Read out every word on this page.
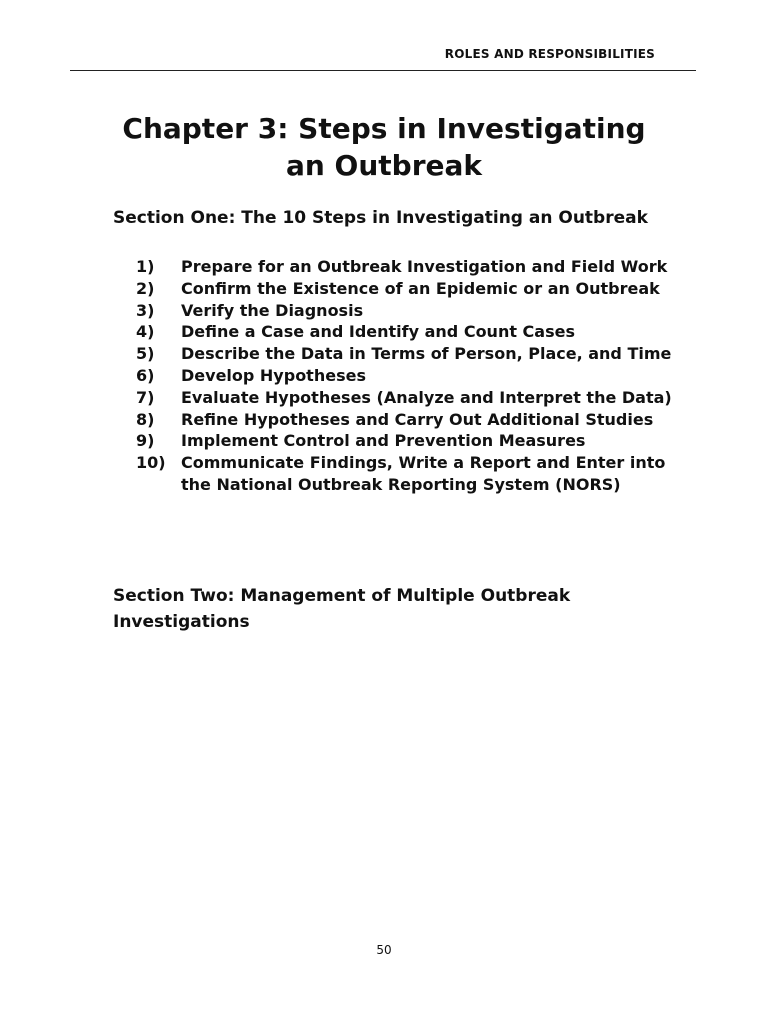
ROLES AND RESPONSIBILITIES
Chapter 3: Steps in Investigating
an Outbreak
Section One: The 10 Steps in Investigating an Outbreak
1)	Prepare for an Outbreak Investigation and Field Work
2)	Confirm the Existence of an Epidemic or an Outbreak
3)	Verify the Diagnosis
4)	Define a Case and Identify and Count Cases
5)	Describe the Data in Terms of Person, Place, and Time
6)	Develop Hypotheses
7)	Evaluate Hypotheses (Analyze and Interpret the Data)
8)	Refine Hypotheses and Carry Out Additional Studies
9)	Implement Control and Prevention Measures
10) Communicate Findings, Write a Report and Enter into the National Outbreak Reporting System (NORS)
Section Two: Management of Multiple Outbreak Investigations
50
